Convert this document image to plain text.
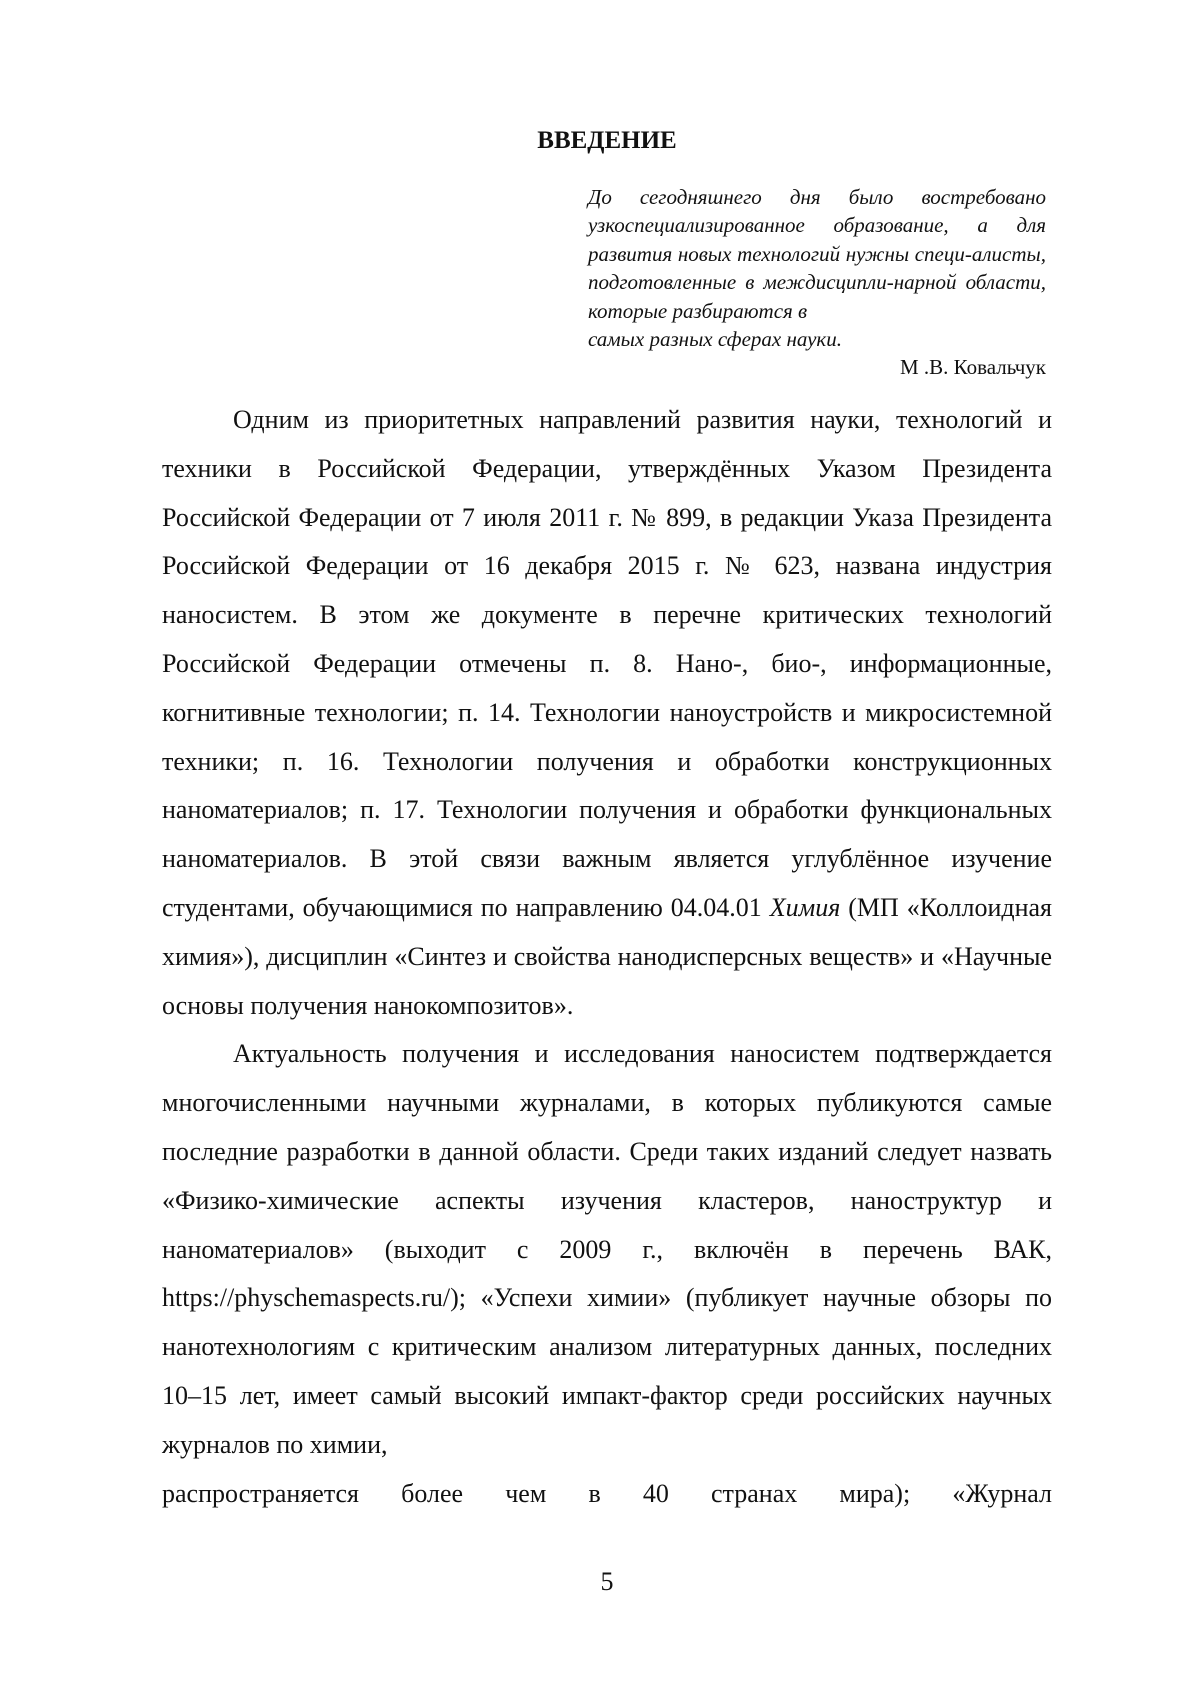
ВВЕДЕНИЕ

До сегодняшнего дня было востребовано узкоспециализированное образование, а для развития новых технологий нужны специ-алисты, подготовленные в междисципли-нарной области, которые разбираются в
самых разных сферах науки.

М .В. Ковальчук

Одним из приоритетных направлений развития науки, технологий и техники в Российской Федерации, утверждённых Указом Президента Российской Федерации от 7 июля 2011 г. № 899, в редакции Указа Президента Российской Федерации от 16 декабря 2015 г. № 623, названа индустрия наносистем. В этом же документе в перечне критических технологий Российской Федерации отмечены п. 8. Нано-, био-, информационные, когнитивные технологии; п. 14. Технологии наноустройств и микросистемной техники; п. 16. Технологии получения и обработки конструкционных наноматериалов; п. 17. Технологии получения и обработки функциональных наноматериалов. В этой связи важным является углублённое изучение студентами, обучающимися по направлению 04.04.01 Химия (МП «Коллоидная химия»), дисциплин «Синтез и свойства нанодисперсных веществ» и «Научные основы получения нанокомпозитов».

Актуальность получения и исследования наносистем подтверждается многочисленными научными журналами, в которых публикуются самые последние разработки в данной области. Среди таких изданий следует назвать «Физико-химические аспекты изучения кластеров, наноструктур и наноматериалов» (выходит с 2009 г., включён в перечень ВАК, https://physchemaspects.ru/); «Успехи химии» (публикует научные обзоры по нанотехнологиям с критическим анализом литературных данных, последних 10–15 лет, имеет самый высокий импакт-фактор среди российских научных журналов по химии,

распространяется более чем в 40 странах мира); «Журнал

5
